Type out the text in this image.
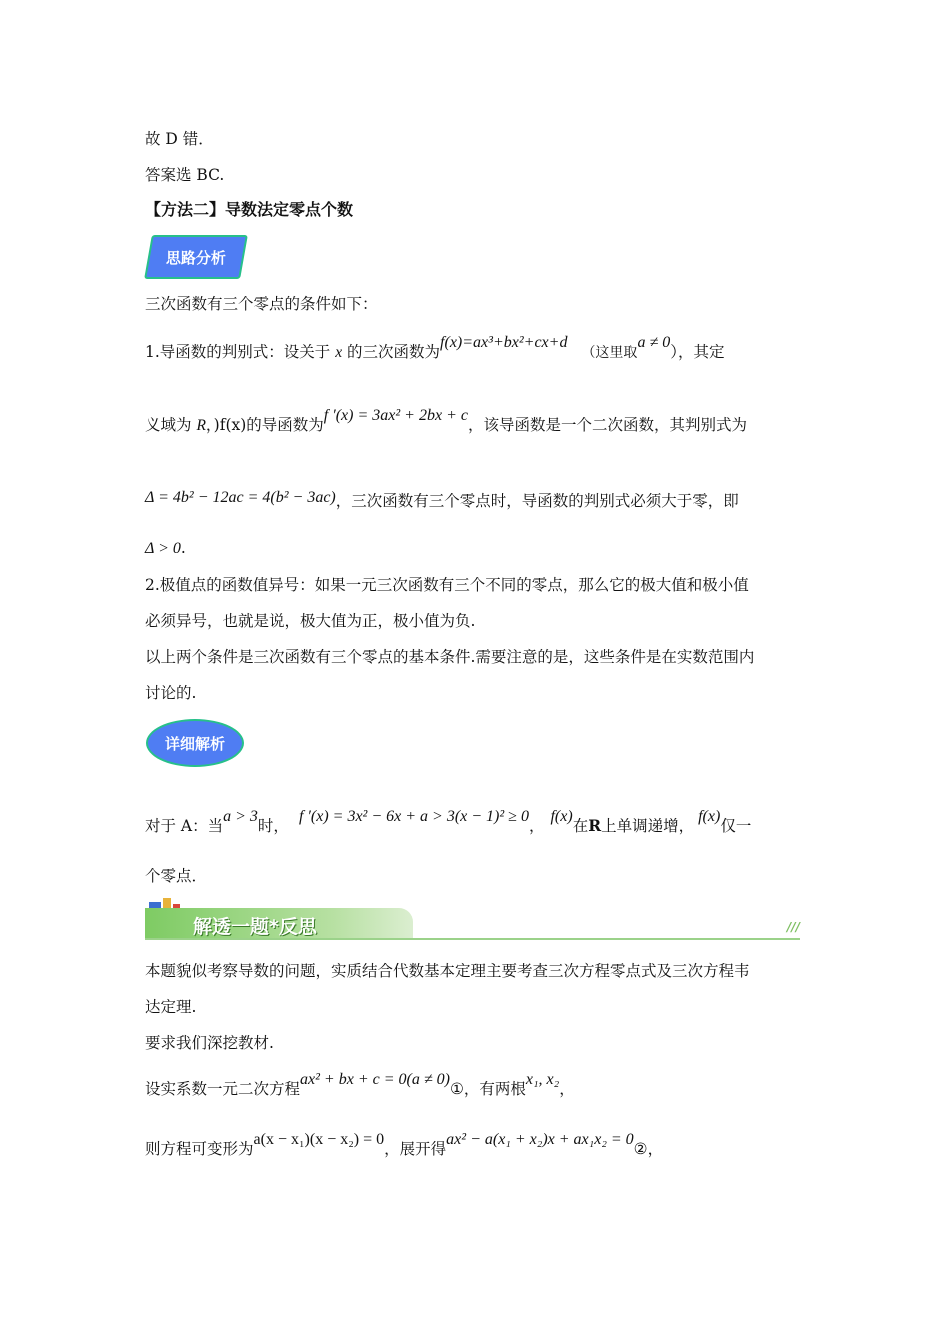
故 D 错．
答案选 BC.
【方法二】导数法定零点个数
思路分析
三次函数有三个零点的条件如下：
1.导函数的判别式：设关于 x 的三次函数为f(x)=ax³+bx²+cx+d（这里取a ≠ 0），其定
义域为 R，)f(x)的导函数为f ′(x) = 3ax² + 2bx + c，该导函数是一个二次函数，其判别式为
Δ = 4b² − 12ac = 4(b² − 3ac)，三次函数有三个零点时，导函数的判别式必须大于零，即
Δ > 0.
2.极值点的函数值异号：如果一元三次函数有三个不同的零点，那么它的极大值和极小值
必须异号，也就是说，极大值为正，极小值为负.
以上两个条件是三次函数有三个零点的基本条件.需要注意的是，这些条件是在实数范围内
讨论的.
详细解析
对于 A：当a > 3时，f ′(x) = 3x² − 6x + a > 3(x − 1)² ≥ 0，f(x)在R上单调递增，f(x)仅一
个零点．
解透一题*反思	///
本题貌似考察导数的问题，实质结合代数基本定理主要考查三次方程零点式及三次方程韦
达定理.
要求我们深挖教材.
设实系数一元二次方程ax² + bx + c = 0(a ≠ 0)①，有两根x₁, x₂，
则方程可变形为a(x − x₁)(x − x₂) = 0，展开得ax² − a(x₁ + x₂)x + ax₁x₂ = 0②，
